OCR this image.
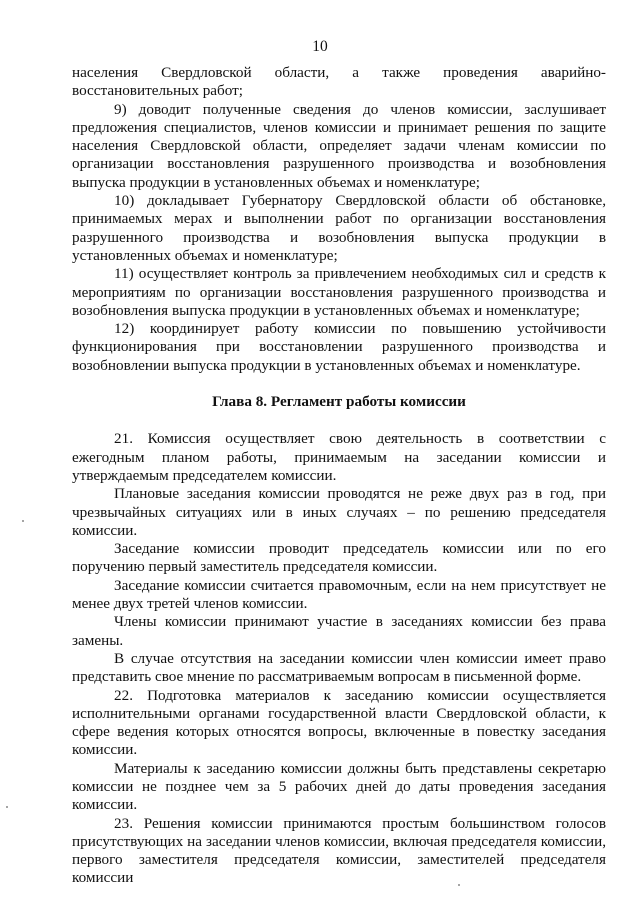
10

населения Свердловской области, а также проведения аварийно-восстановительных работ;

9) доводит полученные сведения до членов комиссии, заслушивает предложения специалистов, членов комиссии и принимает решения по защите населения Свердловской области, определяет задачи членам комиссии по организации восстановления разрушенного производства и возобновления выпуска продукции в установленных объемах и номенклатуре;

10) докладывает Губернатору Свердловской области об обстановке, принимаемых мерах и выполнении работ по организации восстановления разрушенного производства и возобновления выпуска продукции в установленных объемах и номенклатуре;

11) осуществляет контроль за привлечением необходимых сил и средств к мероприятиям по организации восстановления разрушенного производства и возобновления выпуска продукции в установленных объемах и номенклатуре;

12) координирует работу комиссии по повышению устойчивости функционирования при восстановлении разрушенного производства и возобновлении выпуска продукции в установленных объемах и номенклатуре.

Глава 8. Регламент работы комиссии

21. Комиссия осуществляет свою деятельность в соответствии с ежегодным планом работы, принимаемым на заседании комиссии и утверждаемым председателем комиссии.

Плановые заседания комиссии проводятся не реже двух раз в год, при чрезвычайных ситуациях или в иных случаях – по решению председателя комиссии.

Заседание комиссии проводит председатель комиссии или по его поручению первый заместитель председателя комиссии.

Заседание комиссии считается правомочным, если на нем присутствует не менее двух третей членов комиссии.

Члены комиссии принимают участие в заседаниях комиссии без права замены.

В случае отсутствия на заседании комиссии член комиссии имеет право представить свое мнение по рассматриваемым вопросам в письменной форме.

22. Подготовка материалов к заседанию комиссии осуществляется исполнительными органами государственной власти Свердловской области, к сфере ведения которых относятся вопросы, включенные в повестку заседания комиссии.

Материалы к заседанию комиссии должны быть представлены секретарю комиссии не позднее чем за 5 рабочих дней до даты проведения заседания комиссии.

23. Решения комиссии принимаются простым большинством голосов присутствующих на заседании членов комиссии, включая председателя комиссии, первого заместителя председателя комиссии, заместителей председателя комиссии
